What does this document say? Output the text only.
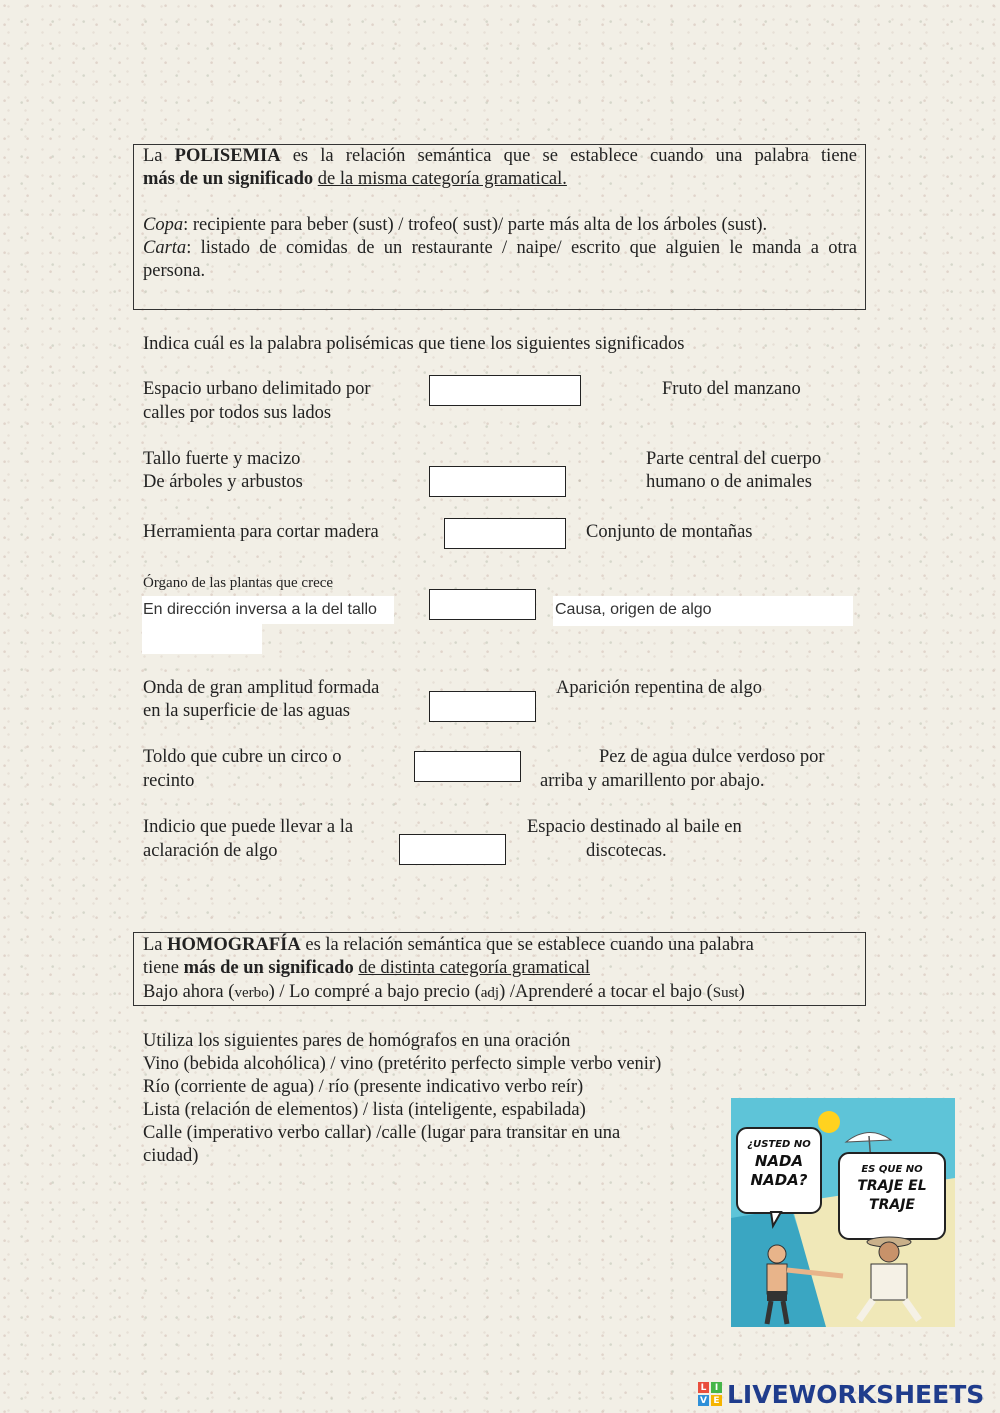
La POLISEMIA es la relación semántica que se establece cuando una palabra tiene
más de un significado de la misma categoría gramatical.
Copa: recipiente para beber (sust) / trofeo( sust)/ parte más alta de los árboles (sust).
Carta: listado de comidas de un restaurante / naipe/ escrito que alguien le manda a otra
persona.
Indica cuál es la palabra polisémicas que tiene los siguientes significados
Espacio urbano delimitado por
calles por todos sus lados
Fruto del manzano
Tallo fuerte y macizo
De árboles y arbustos
Parte central del cuerpo
humano o de animales
Herramienta para cortar madera	Conjunto de montañas
Órgano de las plantas que crece
En dirección inversa a la del tallo	Causa, origen de algo
Onda de gran amplitud formada
en la superficie de las aguas
Aparición repentina de algo
Toldo que cubre un circo o
recinto
Pez de agua dulce verdoso por
arriba y amarillento por abajo.
Indicio que puede llevar a la
aclaración de algo
Espacio destinado al baile en
discotecas.
La HOMOGRAFÍA es la relación semántica que se establece cuando una palabra
tiene más de un significado de distinta categoría gramatical
Bajo ahora (verbo) / Lo compré a bajo precio (adj) /Aprenderé a tocar el bajo (Sust)
Utiliza los siguientes pares de homógrafos en una oración
Vino (bebida alcohólica) / vino (pretérito perfecto simple verbo venir)
Río (corriente de agua) / río (presente indicativo verbo reír)
Lista (relación de elementos) / lista (inteligente, espabilada)
Calle (imperativo verbo callar) /calle (lugar para transitar en una
ciudad)
¿USTED NO
NADA
NADA?
ES QUE NO
TRAJE EL
TRAJE
L I
V E LIVEWORKSHEETS
